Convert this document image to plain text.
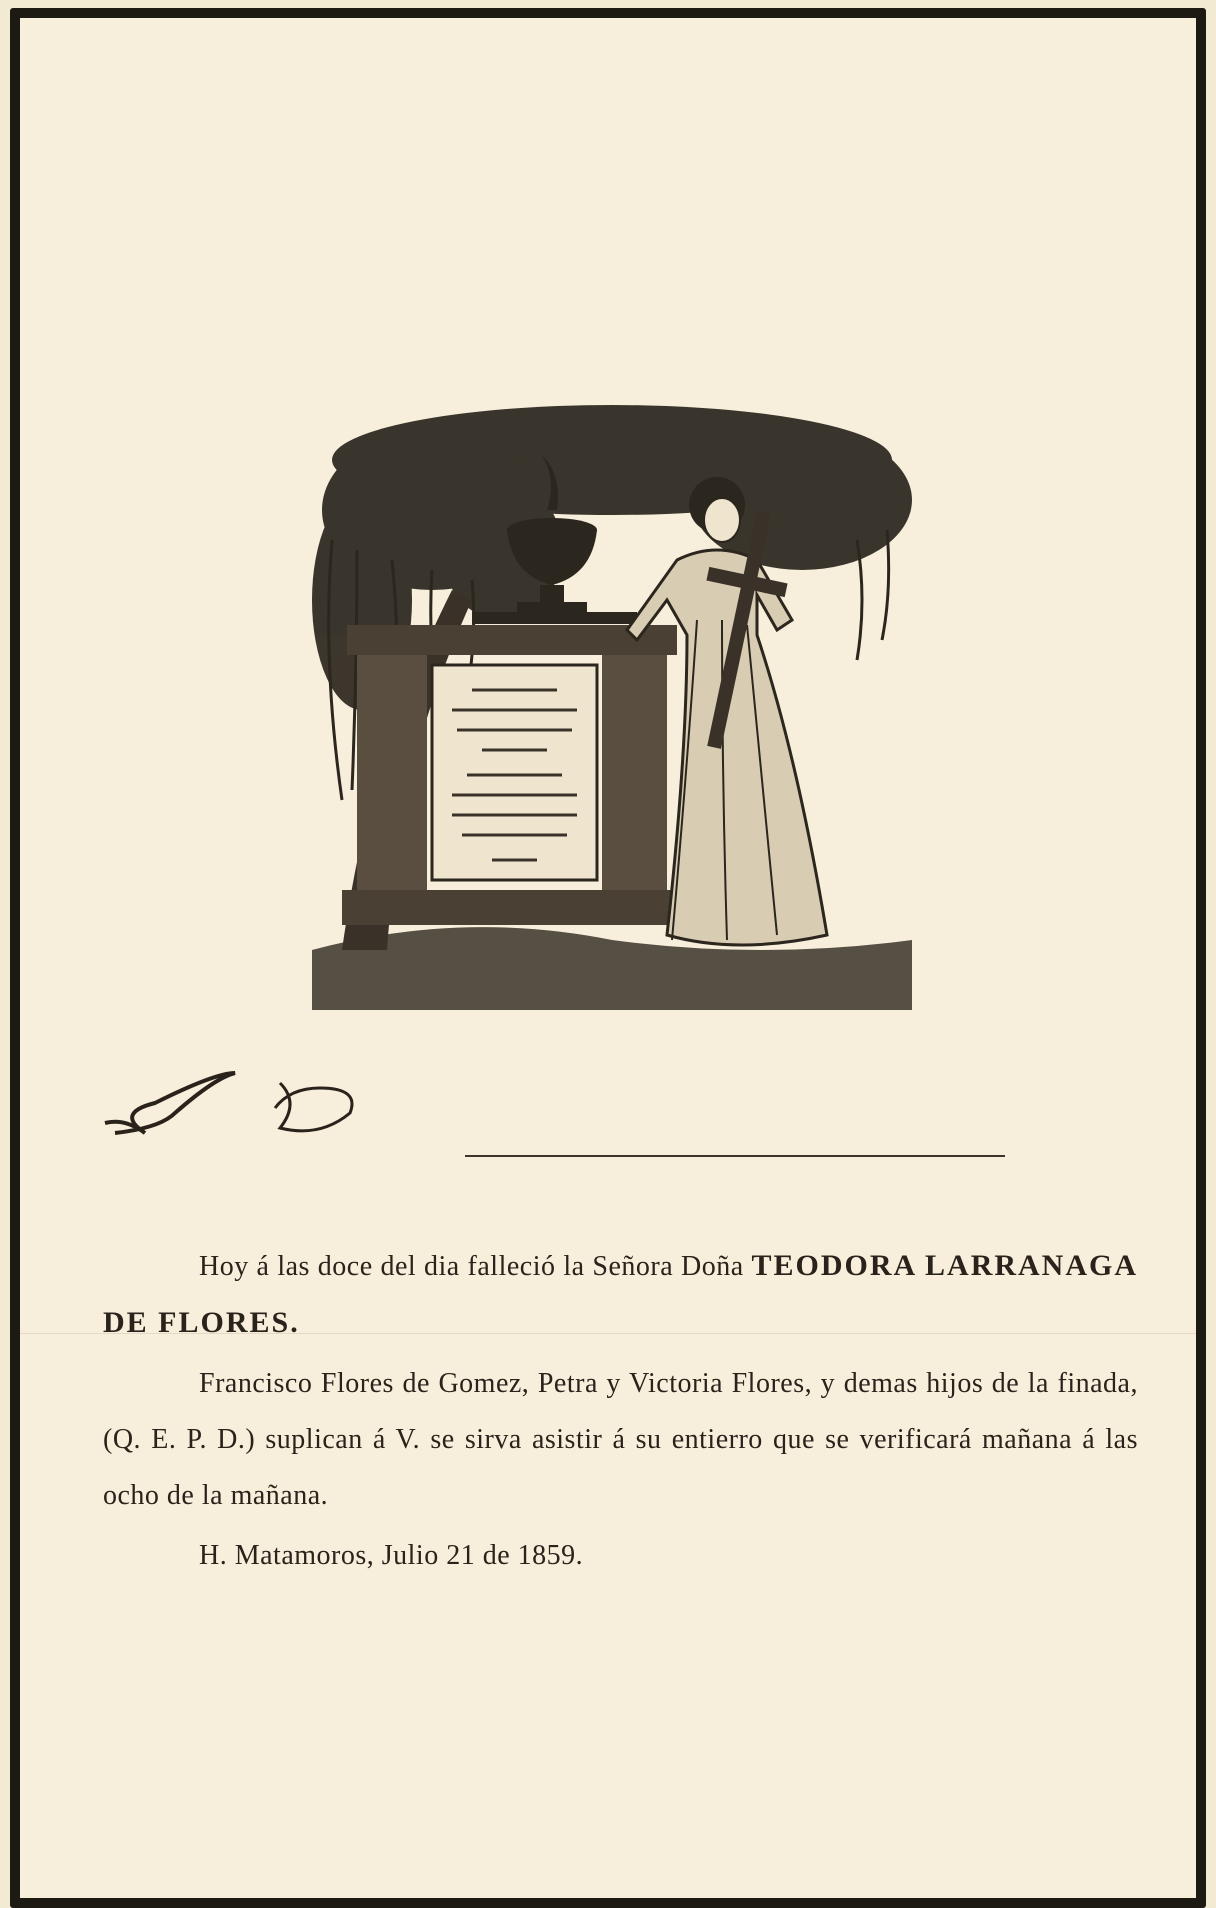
Hoy á las doce del dia falleció la Señora Doña TEODORA LARRANAGA DE FLORES.
Francisco Flores de Gomez, Petra y Victoria Flores, y demas hijos de la finada, (Q. E. P. D.) suplican á V. se sirva asistir á su entierro que se verificará mañana á las ocho de la mañana.
H. Matamoros, Julio 21 de 1859.
